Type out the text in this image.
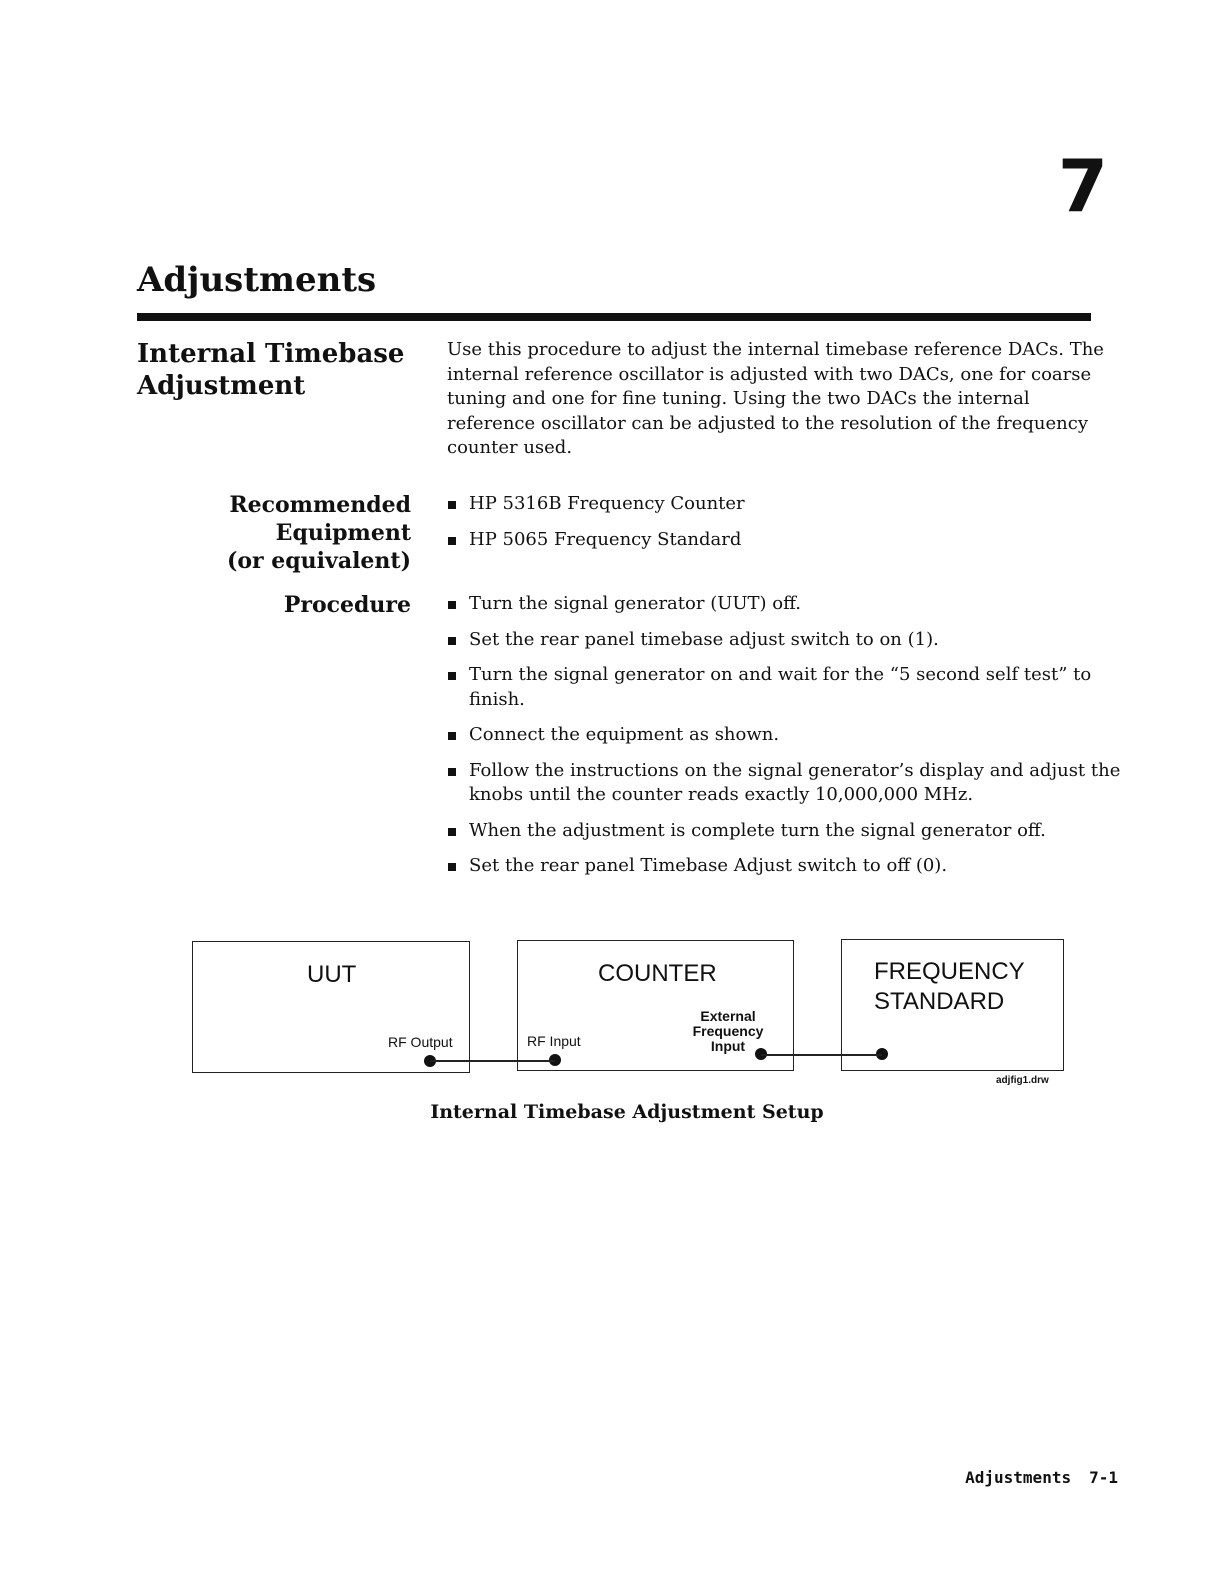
7
Adjustments
Internal Timebase
Adjustment

Use this procedure to adjust the internal timebase reference DACs. The internal reference oscillator is adjusted with two DACs, one for coarse tuning and one for fine tuning. Using the two DACs the internal reference oscillator can be adjusted to the resolution of the frequency counter used.

Recommended
Equipment
(or equivalent)
HP 5316B Frequency Counter
HP 5065 Frequency Standard
Procedure	Turn the signal generator (UUT) off.
Set the rear panel timebase adjust switch to on (1).
Turn the signal generator on and wait for the “5 second self test” to finish.
Connect the equipment as shown.
Follow the instructions on the signal generator’s display and adjust the knobs until the counter reads exactly 10,000,000 MHz.
When the adjustment is complete turn the signal generator off.
Set the rear panel Timebase Adjust switch to off (0).
UUT
RF Output
COUNTER
RF Input
External
Frequency
Input
FREQUENCY
STANDARD
adjfig1.drw

Internal Timebase Adjustment Setup

Adjustments 7-1
